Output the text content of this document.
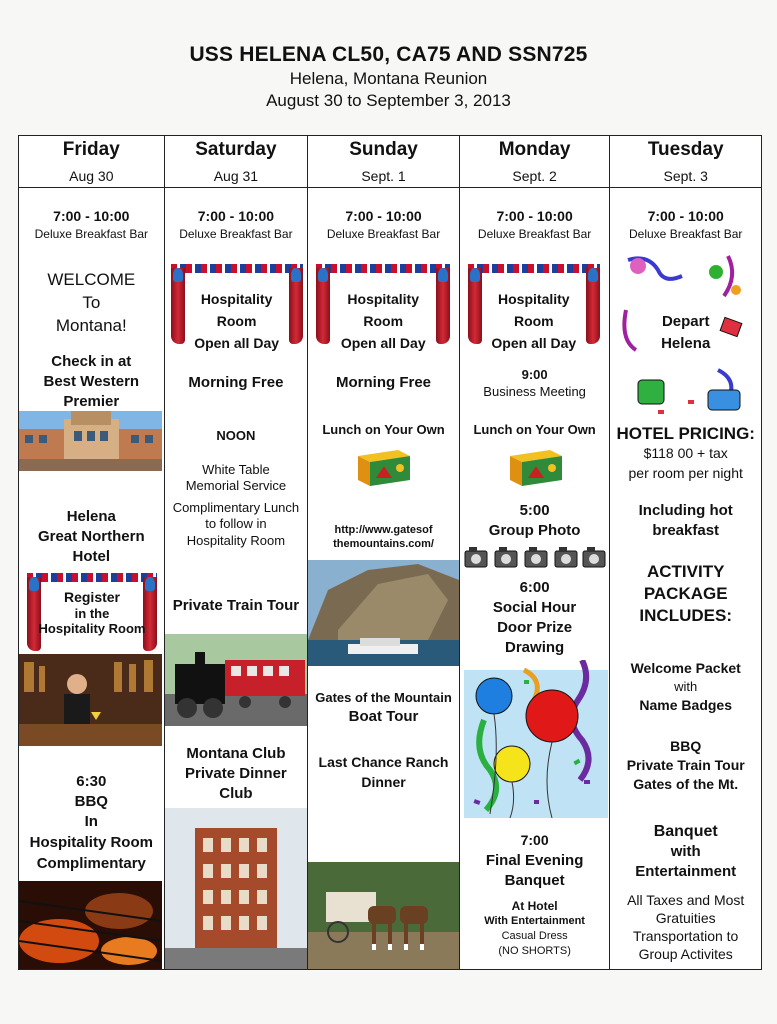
USS HELENA CL50, CA75 AND SSN725
Helena, Montana Reunion
August 30 to September 3, 2013
Friday
Aug 30
7:00 - 10:00
Deluxe Breakfast Bar
WELCOME
To
Montana!
Check in at
Best Western
Premier
Helena
Great Northern
Hotel
Register
in the
Hospitality Room
6:30
BBQ
In
Hospitality Room
Complimentary
Saturday
Aug 31
7:00 - 10:00
Deluxe Breakfast Bar
Hospitality Room
Open all Day
Morning Free
NOON
White Table
Memorial Service
Complimentary Lunch
to follow in
Hospitality Room
Private Train Tour
Montana Club
Private Dinner
Club
Sunday
Sept. 1
7:00 - 10:00
Deluxe Breakfast Bar
Hospitality Room
Open all Day
Morning Free
Lunch on Your Own
http://www.gatesof
themountains.com/
Gates of the Mountain
Boat Tour
Last Chance Ranch
Dinner
Monday
Sept. 2
7:00 - 10:00
Deluxe Breakfast Bar
Hospitality Room
Open all Day
9:00
Business Meeting
Lunch on Your Own
5:00
Group Photo
6:00
Social Hour
Door Prize
Drawing
7:00
Final Evening
Banquet
At Hotel
With Entertainment
Casual Dress
(NO SHORTS)
Tuesday
Sept. 3
7:00 - 10:00
Deluxe Breakfast Bar
Depart
Helena
HOTEL PRICING:
$118 00 + tax
per room per night
Including hot
breakfast
ACTIVITY
PACKAGE
INCLUDES:
Welcome Packet
with
Name Badges
BBQ
Private Train Tour
Gates of the Mt.
Banquet
with
Entertainment
All Taxes and Most
Gratuities
Transportation to
Group Activites
